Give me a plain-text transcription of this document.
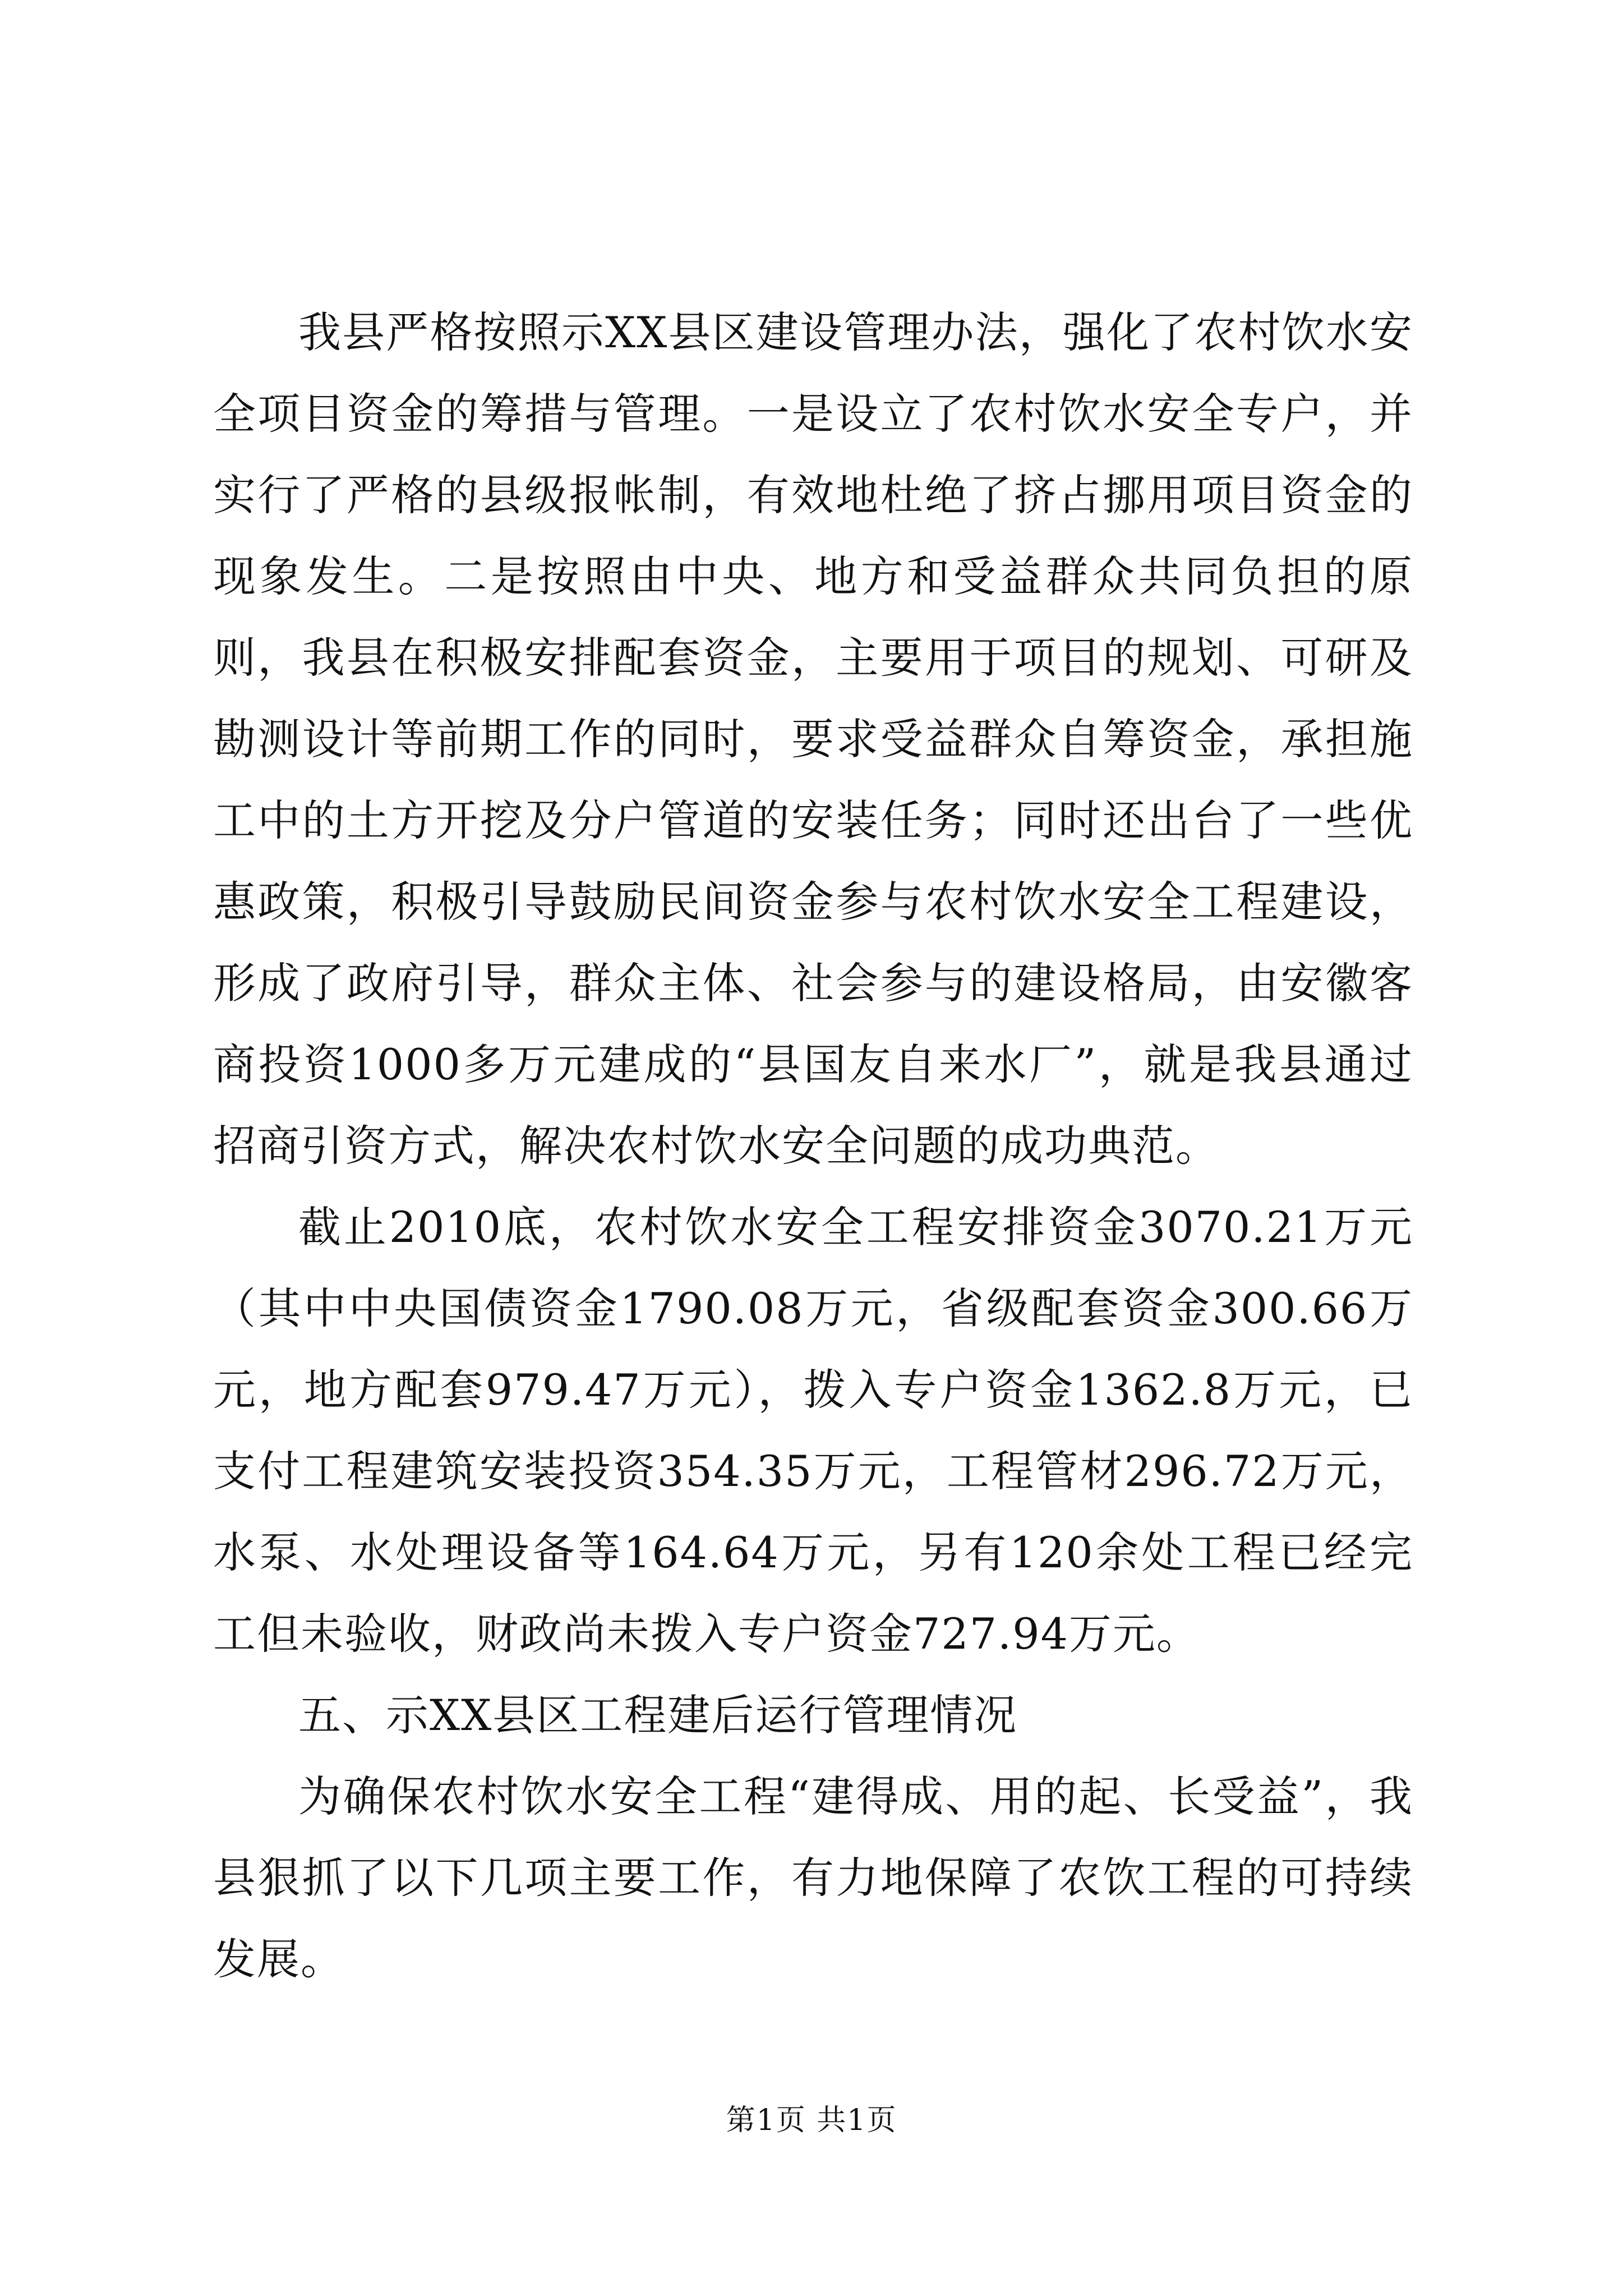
我县严格按照示XX县区建设管理办法，强化了农村饮水安全项目资金的筹措与管理。一是设立了农村饮水安全专户，并实行了严格的县级报帐制，有效地杜绝了挤占挪用项目资金的现象发生。二是按照由中央、地方和受益群众共同负担的原则，我县在积极安排配套资金，主要用于项目的规划、可研及勘测设计等前期工作的同时，要求受益群众自筹资金，承担施工中的土方开挖及分户管道的安装任务；同时还出台了一些优惠政策，积极引导鼓励民间资金参与农村饮水安全工程建设，形成了政府引导，群众主体、社会参与的建设格局，由安徽客商投资1000多万元建成的“县国友自来水厂”，就是我县通过招商引资方式，解决农村饮水安全问题的成功典范。

截止2010底，农村饮水安全工程安排资金3070.21万元（其中中央国债资金1790.08万元，省级配套资金300.66万元，地方配套979.47万元），拨入专户资金1362.8万元，已支付工程建筑安装投资354.35万元，工程管材296.72万元，水泵、水处理设备等164.64万元，另有120余处工程已经完工但未验收，财政尚未拨入专户资金727.94万元。

五、示XX县区工程建后运行管理情况

为确保农村饮水安全工程“建得成、用的起、长受益”，我县狠抓了以下几项主要工作，有力地保障了农饮工程的可持续发展。

第1页 共1页
